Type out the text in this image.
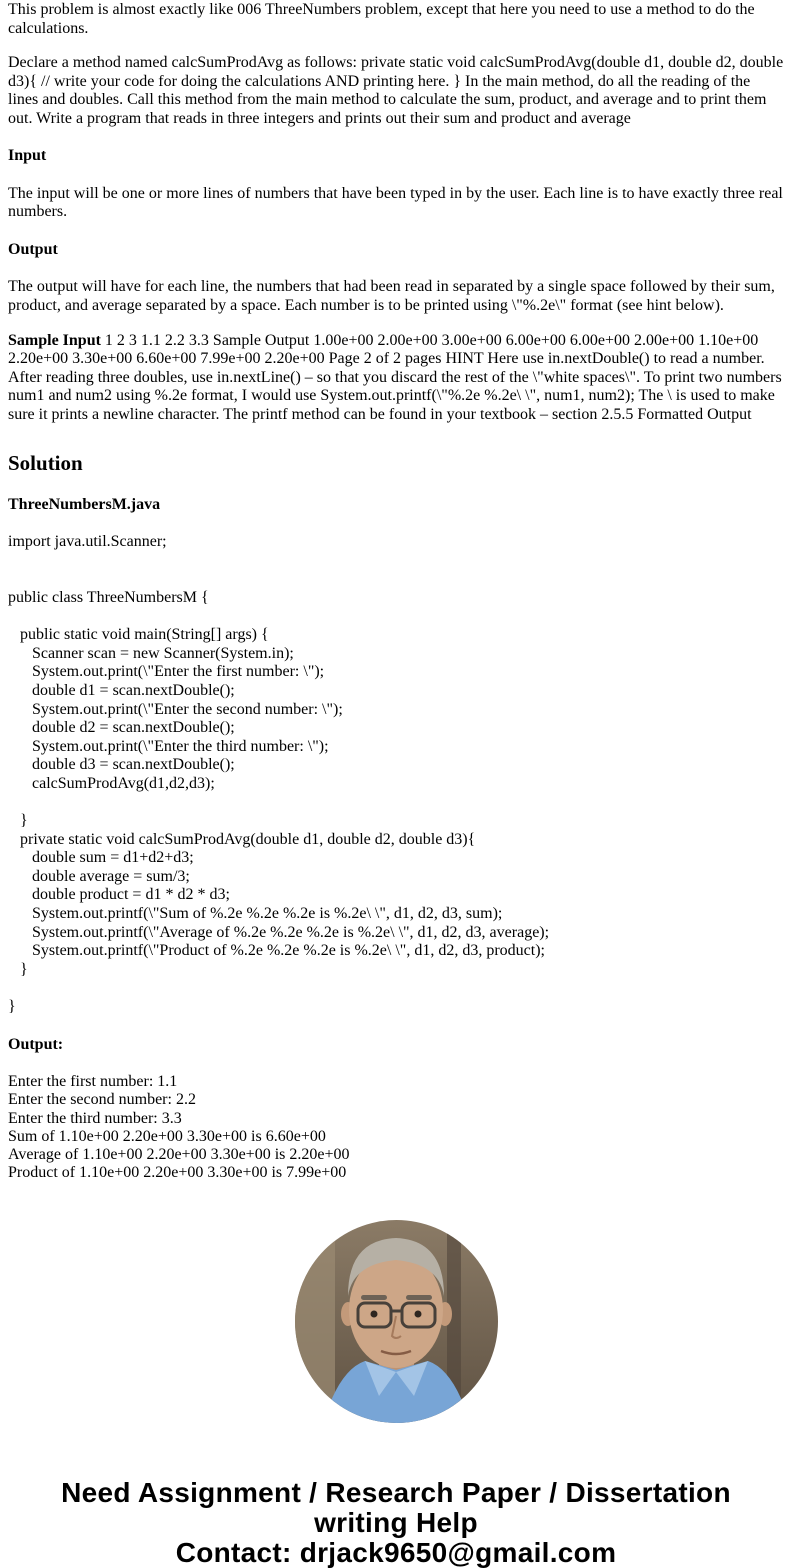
This problem is almost exactly like 006 ThreeNumbers problem, except that here you need to use a method to do the calculations.

Declare a method named calcSumProdAvg as follows: private static void calcSumProdAvg(double d1, double d2, double d3){ // write your code for doing the calculations AND printing here. } In the main method, do all the reading of the lines and doubles. Call this method from the main method to calculate the sum, product, and average and to print them out. Write a program that reads in three integers and prints out their sum and product and average

Input

The input will be one or more lines of numbers that have been typed in by the user. Each line is to have exactly three real numbers.

Output

The output will have for each line, the numbers that had been read in separated by a single space followed by their sum, product, and average separated by a space. Each number is to be printed using \"%.2e\" format (see hint below).

Sample Input 1 2 3 1.1 2.2 3.3 Sample Output 1.00e+00 2.00e+00 3.00e+00 6.00e+00 6.00e+00 2.00e+00 1.10e+00 2.20e+00 3.30e+00 6.60e+00 7.99e+00 2.20e+00 Page 2 of 2 pages HINT Here use in.nextDouble() to read a number. After reading three doubles, use in.nextLine() – so that you discard the rest of the \"white spaces\". To print two numbers num1 and num2 using %.2e format, I would use System.out.printf(\"%.2e %.2e\ \", num1, num2); The \ is used to make sure it prints a newline character. The printf method can be found in your textbook – section 2.5.5 Formatted Output

Solution

ThreeNumbersM.java

import java.util.Scanner;
public class ThreeNumbersM {
public static void main(String[] args) {
Scanner scan = new Scanner(System.in);
System.out.print(\"Enter the first number: \");
double d1 = scan.nextDouble();
System.out.print(\"Enter the second number: \");
double d2 = scan.nextDouble();
System.out.print(\"Enter the third number: \");
double d3 = scan.nextDouble();
calcSumProdAvg(d1,d2,d3);
}
private static void calcSumProdAvg(double d1, double d2, double d3){
double sum = d1+d2+d3;
double average = sum/3;
double product = d1 * d2 * d3;
System.out.printf(\"Sum of %.2e %.2e %.2e is %.2e\ \", d1, d2, d3, sum);
System.out.printf(\"Average of %.2e %.2e %.2e is %.2e\ \", d1, d2, d3, average);
System.out.printf(\"Product of %.2e %.2e %.2e is %.2e\ \", d1, d2, d3, product);
}
}

Output:

Enter the first number: 1.1
Enter the second number: 2.2
Enter the third number: 3.3
Sum of 1.10e+00 2.20e+00 3.30e+00 is 6.60e+00
Average of 1.10e+00 2.20e+00 3.30e+00 is 2.20e+00
Product of 1.10e+00 2.20e+00 3.30e+00 is 7.99e+00
Need Assignment / Research Paper / Dissertation writing Help
Contact: drjack9650@gmail.com
